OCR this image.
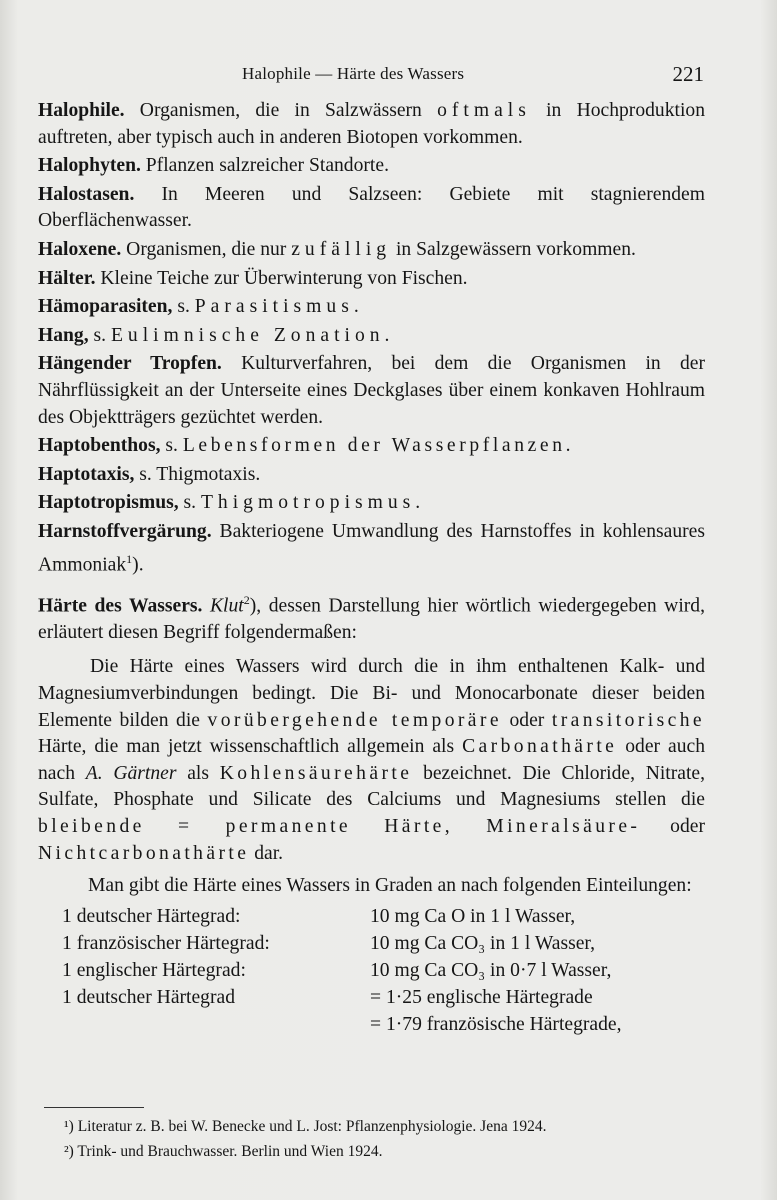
Halophile — Härte des Wassers	221

Halophile. Organismen, die in Salzwässern oftmals in Hochproduktion auftreten, aber typisch auch in anderen Biotopen vorkommen.

Halophyten. Pflanzen salzreicher Standorte.

Halostasen. In Meeren und Salzseen: Gebiete mit stagnierendem Oberflächenwasser.

Haloxene. Organismen, die nur zufällig in Salzgewässern vorkommen.

Hälter. Kleine Teiche zur Überwinterung von Fischen.

Hämoparasiten, s. Parasitismus.

Hang, s. Eulimnische Zonation.

Hängender Tropfen. Kulturverfahren, bei dem die Organismen in der Nährflüssigkeit an der Unterseite eines Deckglases über einem konkaven Hohlraum des Objektträgers gezüchtet werden.

Haptobenthos, s. Lebensformen der Wasserpflanzen.

Haptotaxis, s. Thigmotaxis.

Haptotropismus, s. Thigmotropismus.

Harnstoffvergärung. Bakteriogene Umwandlung des Harnstoffes in kohlensaures Ammoniak$^1$).

Härte des Wassers. Klut$^2$), dessen Darstellung hier wörtlich wiedergegeben wird, erläutert diesen Begriff folgendermaßen:

Die Härte eines Wassers wird durch die in ihm enthaltenen Kalk- und Magnesiumverbindungen bedingt. Die Bi- und Monocarbonate dieser beiden Elemente bilden die vorübergehende temporäre oder transitorische Härte, die man jetzt wissenschaftlich allgemein als Carbonathärte oder auch nach A. Gärtner als Kohlensäurehärte bezeichnet. Die Chloride, Nitrate, Sulfate, Phosphate und Silicate des Calciums und Magnesiums stellen die bleibende = permanente Härte, Mineralsäure- oder Nichtcarbonathärte dar.

Man gibt die Härte eines Wassers in Graden an nach folgenden Einteilungen:

1 deutscher Härtegrad:	10 mg Ca O in 1 l Wasser,
1 französischer Härtegrad:	10 mg Ca CO₃ in 1 l Wasser,
1 englischer Härtegrad:	10 mg Ca CO₃ in 0·7 l Wasser,
1 deutscher Härtegrad	= 1·25 englische Härtegrade
	= 1·79 französische Härtegrade,

¹) Literatur z. B. bei W. Benecke und L. Jost: Pflanzenphysiologie. Jena 1924.

²) Trink- und Brauchwasser. Berlin und Wien 1924.
